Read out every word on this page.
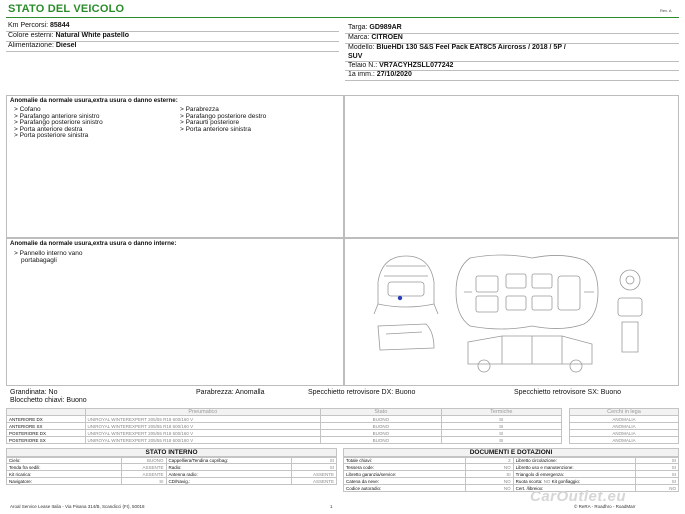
STATO DEL VEICOLO	Rev. A
Km Percorsi: 85844
Colore esterni: Natural White pastello
Alimentazione: Diesel
Targa: GD989AR
Marca: CITROEN
Modello: BlueHDi 130 S&S Feel Pack EAT8C5 Aircross / 2018 / 5P /
SUV
Telaio N.: VR7ACYHZSLL077242
1a imm.: 27/10/2020
Anomalie da normale usura,extra usura o danno esterne:
> Cofano
> Parafango anteriore sinistro
> Parafango posteriore sinistro
> Porta anteriore destra
> Porta posteriore sinistra
> Parabrezza
> Parafango posteriore destro
> Paraurti posteriore
> Porta anteriore sinistra
Anomalie da normale usura,extra usura o danno interne:
> Pannello interno vano
portabagagli
Grandinata: No	Parabrezza: Anomalla	Specchietto retrovisore DX: Buono	Specchietto retrovisore SX: Buono
Blocchetto chiavi: Buono
	Pneumatico	Stato	Termiche
ANTERIORE DX	UNIROYAL WINTEREXPERT 205/55 R18 600/160 V	BUONO	SI
ANTERIORE SX	UNIROYAL WINTEREXPERT 205/55 R18 600/160 V	BUONO	SI
POSTERIORE DX	UNIROYAL WINTEREXPERT 205/55 R18 600/160 V	BUONO	SI
POSTERIORE SX	UNIROYAL WINTEREXPERT 205/55 R18 600/160 V	BUONO	SI
Cerchi in lega
ANOMALIA
ANOMALIA
ANOMALIA
ANOMALIA
STATO INTERNO
Cielo:	BUONO	Cappelliera/Tendina copribag:	SI
Tenda fra sedili:	ASSENTE	Radio:	SI
Kit ricarica:	ASSENTE	Antenna radio:	ASSENTE
Navigatore:	SI	CD/Navig.:	ASSENTE
DOCUMENTI E DOTAZIONI
Totale chiavi:	2	Libretto circolazione:	SI
Tessera code:	NO	Libretto uso e manutenzione:	SI
Libretto garanzia/service:	SI	Triangolo di emergenza:	SI
Catena da neve:	NO	Ruota scorta: NO Kit gonfiaggio:	SI
Codice autoradio:	NO	Cert. /libreiox:	NO
Aroal Service Lease Italia - Via Pisana 314/B, Scandicci (FI), 50018	1	© ReRA - Roadhro - RoadMarr
CarOutlet.eu
